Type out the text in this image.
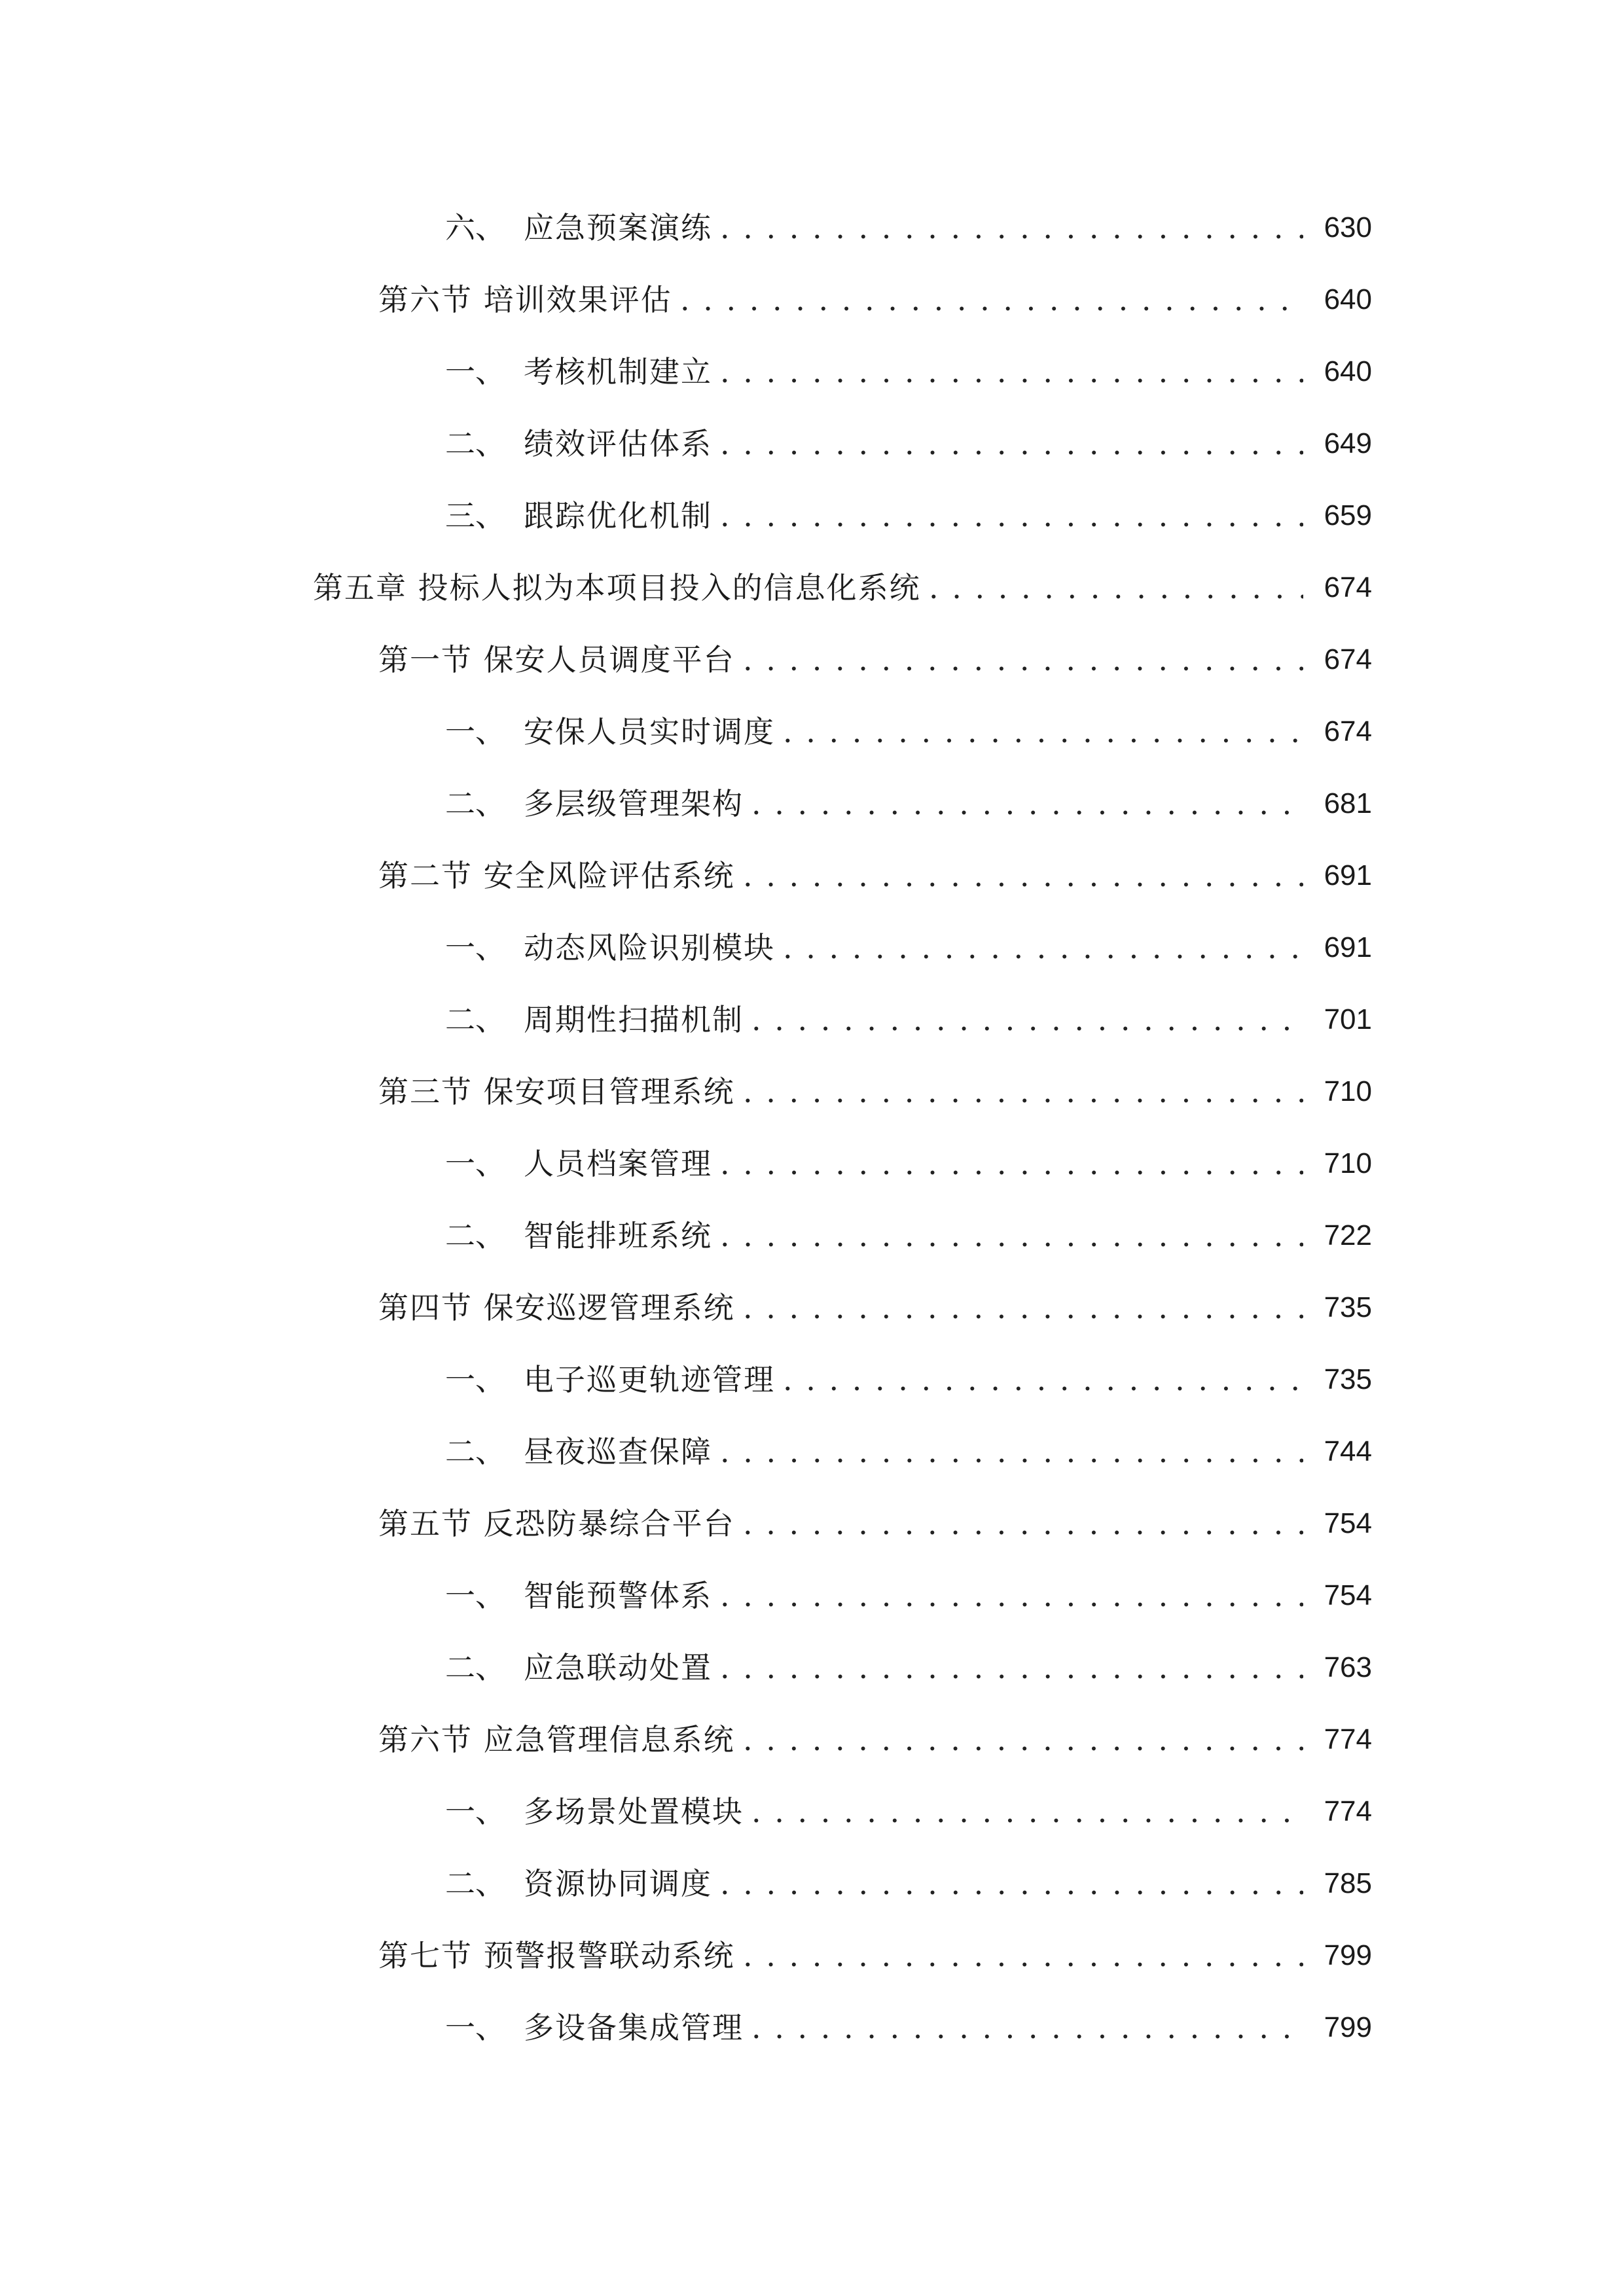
六、 应急预案演练 . . .	630
第六节 培训效果评估 . . .	640
一、 考核机制建立 . . .	640
二、 绩效评估体系 . . .	649
三、 跟踪优化机制 . . .	659
第五章 投标人拟为本项目投入的信息化系统 . . .	674
第一节 保安人员调度平台 . . .	674
一、 安保人员实时调度 . . .	674
二、 多层级管理架构 . . .	681
第二节 安全风险评估系统 . . .	691
一、 动态风险识别模块 . . .	691
二、 周期性扫描机制 . . .	701
第三节 保安项目管理系统 . . .	710
一、 人员档案管理 . . .	710
二、 智能排班系统 . . .	722
第四节 保安巡逻管理系统 . . .	735
一、 电子巡更轨迹管理 . . .	735
二、 昼夜巡查保障 . . .	744
第五节 反恐防暴综合平台 . . .	754
一、 智能预警体系 . . .	754
二、 应急联动处置 . . .	763
第六节 应急管理信息系统 . . .	774
一、 多场景处置模块 . . .	774
二、 资源协同调度 . . .	785
第七节 预警报警联动系统 . . .	799
一、 多设备集成管理 . . .	799
